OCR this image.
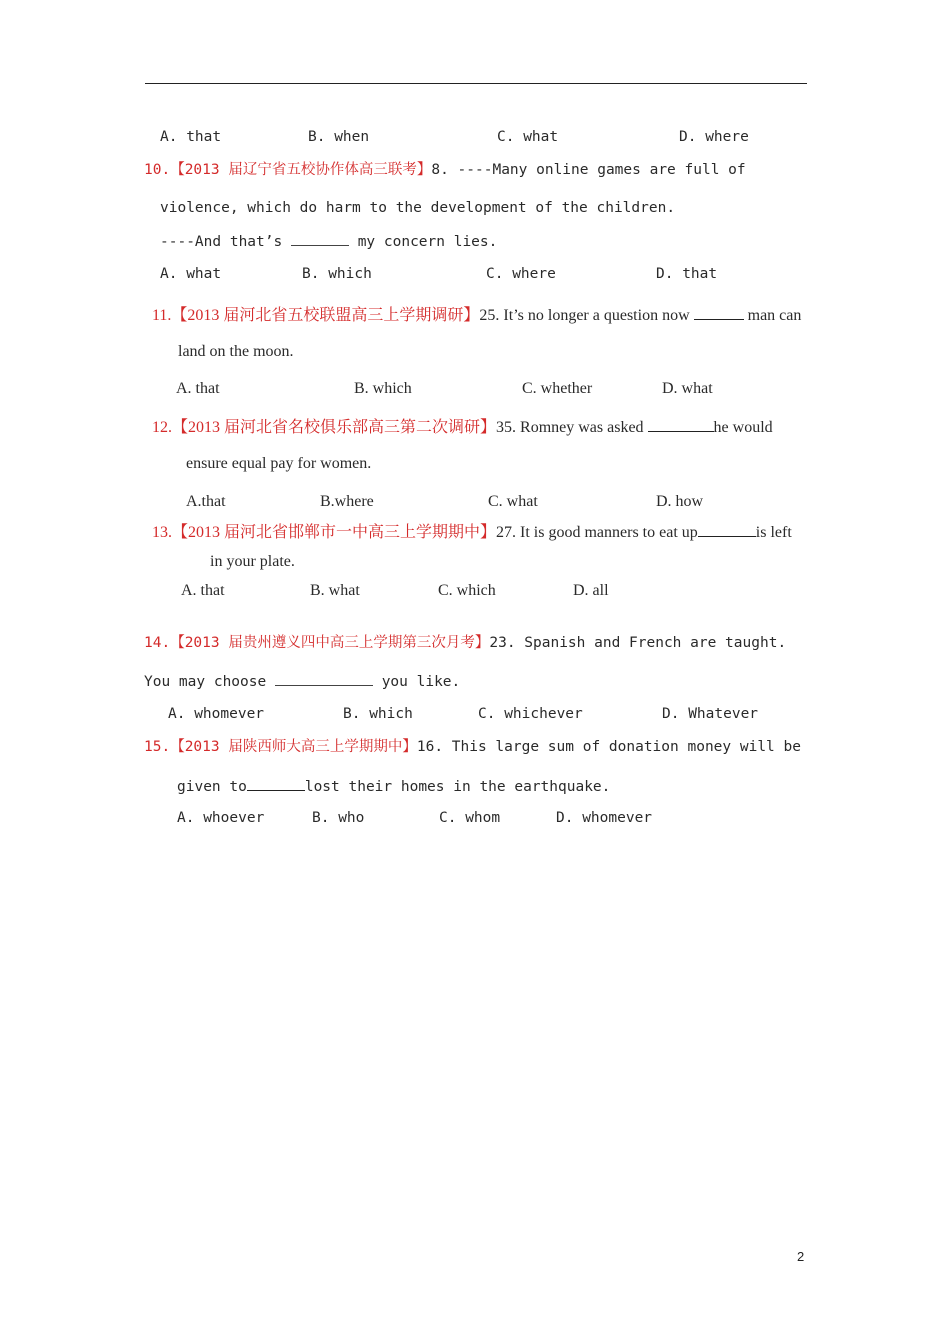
A. that	B. when	C. what	D. where
10.【2013 届辽宁省五校协作体高三联考】8. ----Many online games are full of
violence, which do harm to the development of the children.
----And that’s	my concern lies.
A. what	B. which	C. where	D. that
11.【2013 届河北省五校联盟高三上学期调研】25. It’s no longer a question now	man can
land on the moon.
A. that	B. which	C. whether	D. what
12.【2013 届河北省名校俱乐部高三第二次调研】35. Romney was asked	he would
ensure equal pay for women.
A.that	B.where	C. what	D. how
13.【2013 届河北省邯郸市一中高三上学期期中】27. It is good manners to eat up	is left
in your plate.
A. that	B. what	C. which	D. all
14.【2013 届贵州遵义四中高三上学期第三次月考】23. Spanish and French are taught.
You may choose	you like.
A. whomever	B. which	C. whichever	D. Whatever
15.【2013 届陕西师大高三上学期期中】16. This large sum of donation money will be
given to	lost their homes in the earthquake.
A. whoever	B. who	C. whom	D. whomever
2
